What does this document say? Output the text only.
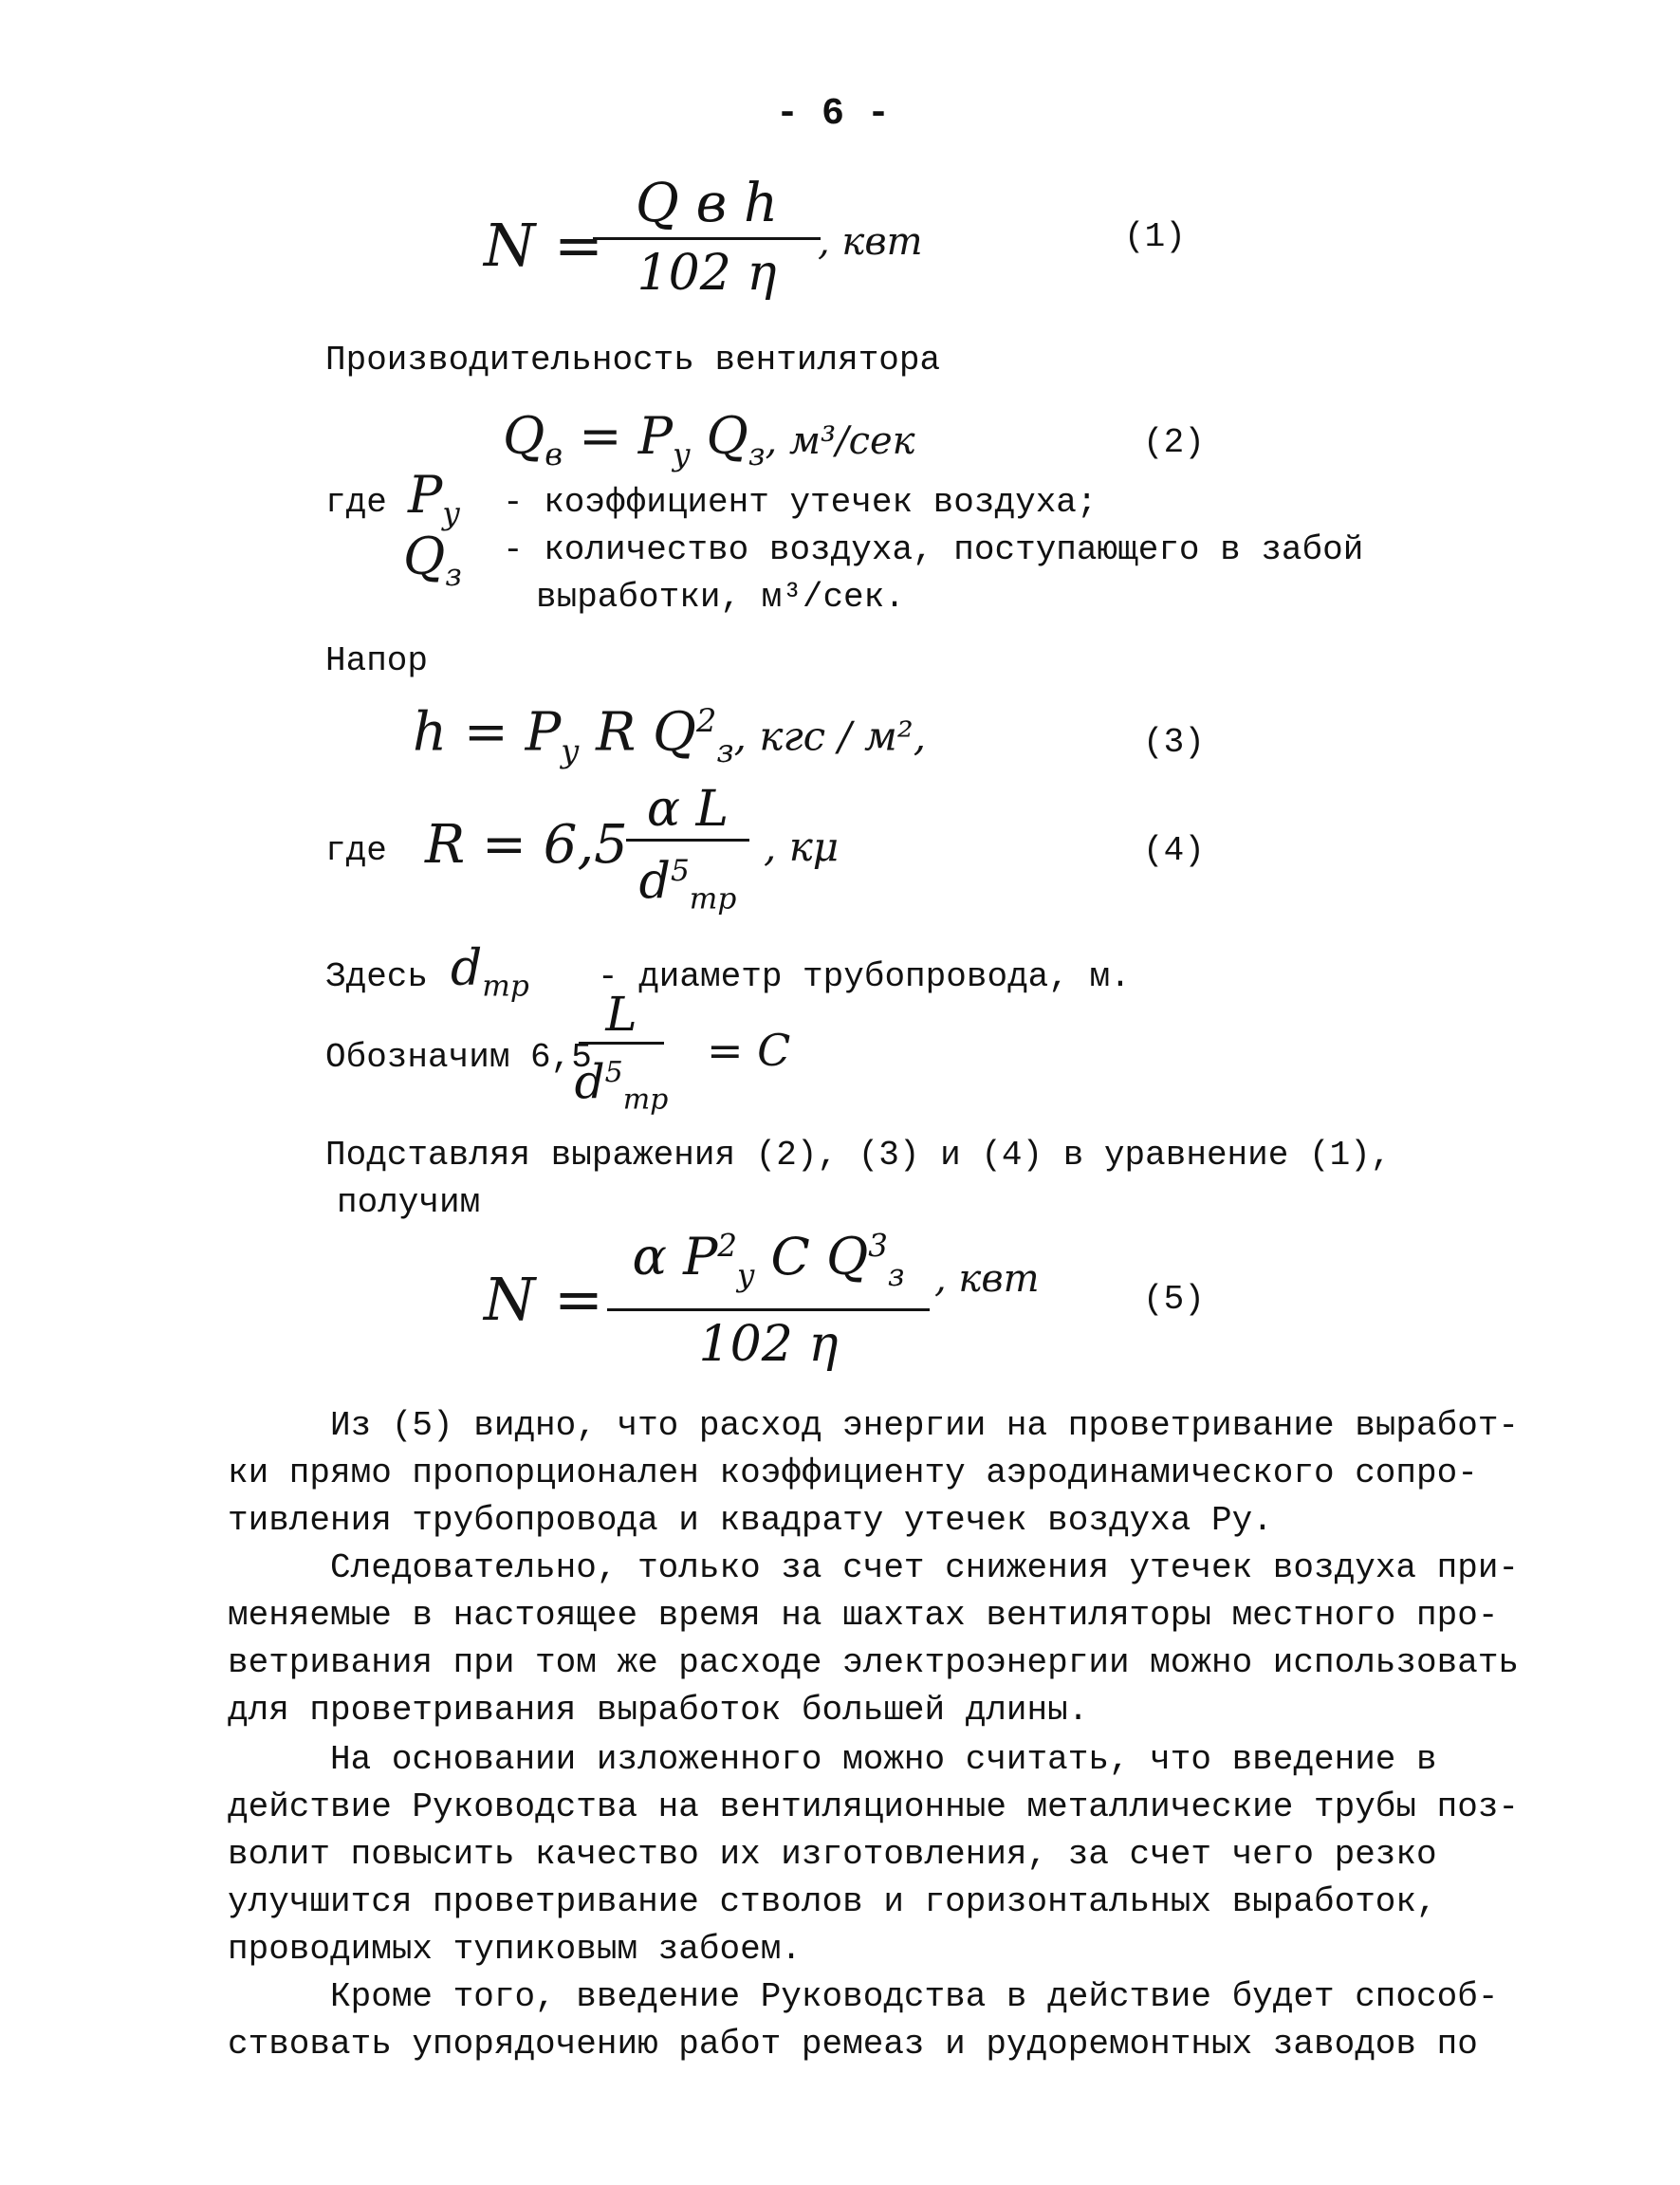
- 6 -
N =
Q в h
102 η
, квт	(1)
Производительность вентилятора
$Q_в = P_y$ $Q_з$, м³/сек	(2)
где $P_y$ - коэффициент утечек воздуха;
$Q_з$
- количество воздуха, поступающего в забой
выработки, м³/сек.
Напор
$h = P_y$ R $Q^2_з$, кгс / м²,	(3)
где R = 6,5
α L
$d^5_{тр}$
, кμ	(4)
Здесь $d_{тр}$ - диаметр трубопровода, м.
Обозначим 6,5
L
$d^5_{тр}$
= C
Подставляя выражения (2), (3) и (4) в уравнение (1),
получим
N =
α $P^2_y$ C $Q^3_з$
102 η
, квт	(5)
Из (5) видно, что расход энергии на проветривание выработ-
ки прямо пропорционален коэффициенту аэродинамического сопро-
тивления трубопровода и квадрату утечек воздуха Ру.
Следовательно, только за счет снижения утечек воздуха при-
меняемые в настоящее время на шахтах вентиляторы местного про-
ветривания при том же расходе электроэнергии можно использовать
для проветривания выработок большей длины.
На основании изложенного можно считать, что введение в
действие Руководства на вентиляционные металлические трубы поз-
волит повысить качество их изготовления, за счет чего резко
улучшится проветривание стволов и горизонтальных выработок,
проводимых тупиковым забоем.
Кроме того, введение Руководства в действие будет способ-
ствовать упорядочению работ ремеаз и рудоремонтных заводов по
